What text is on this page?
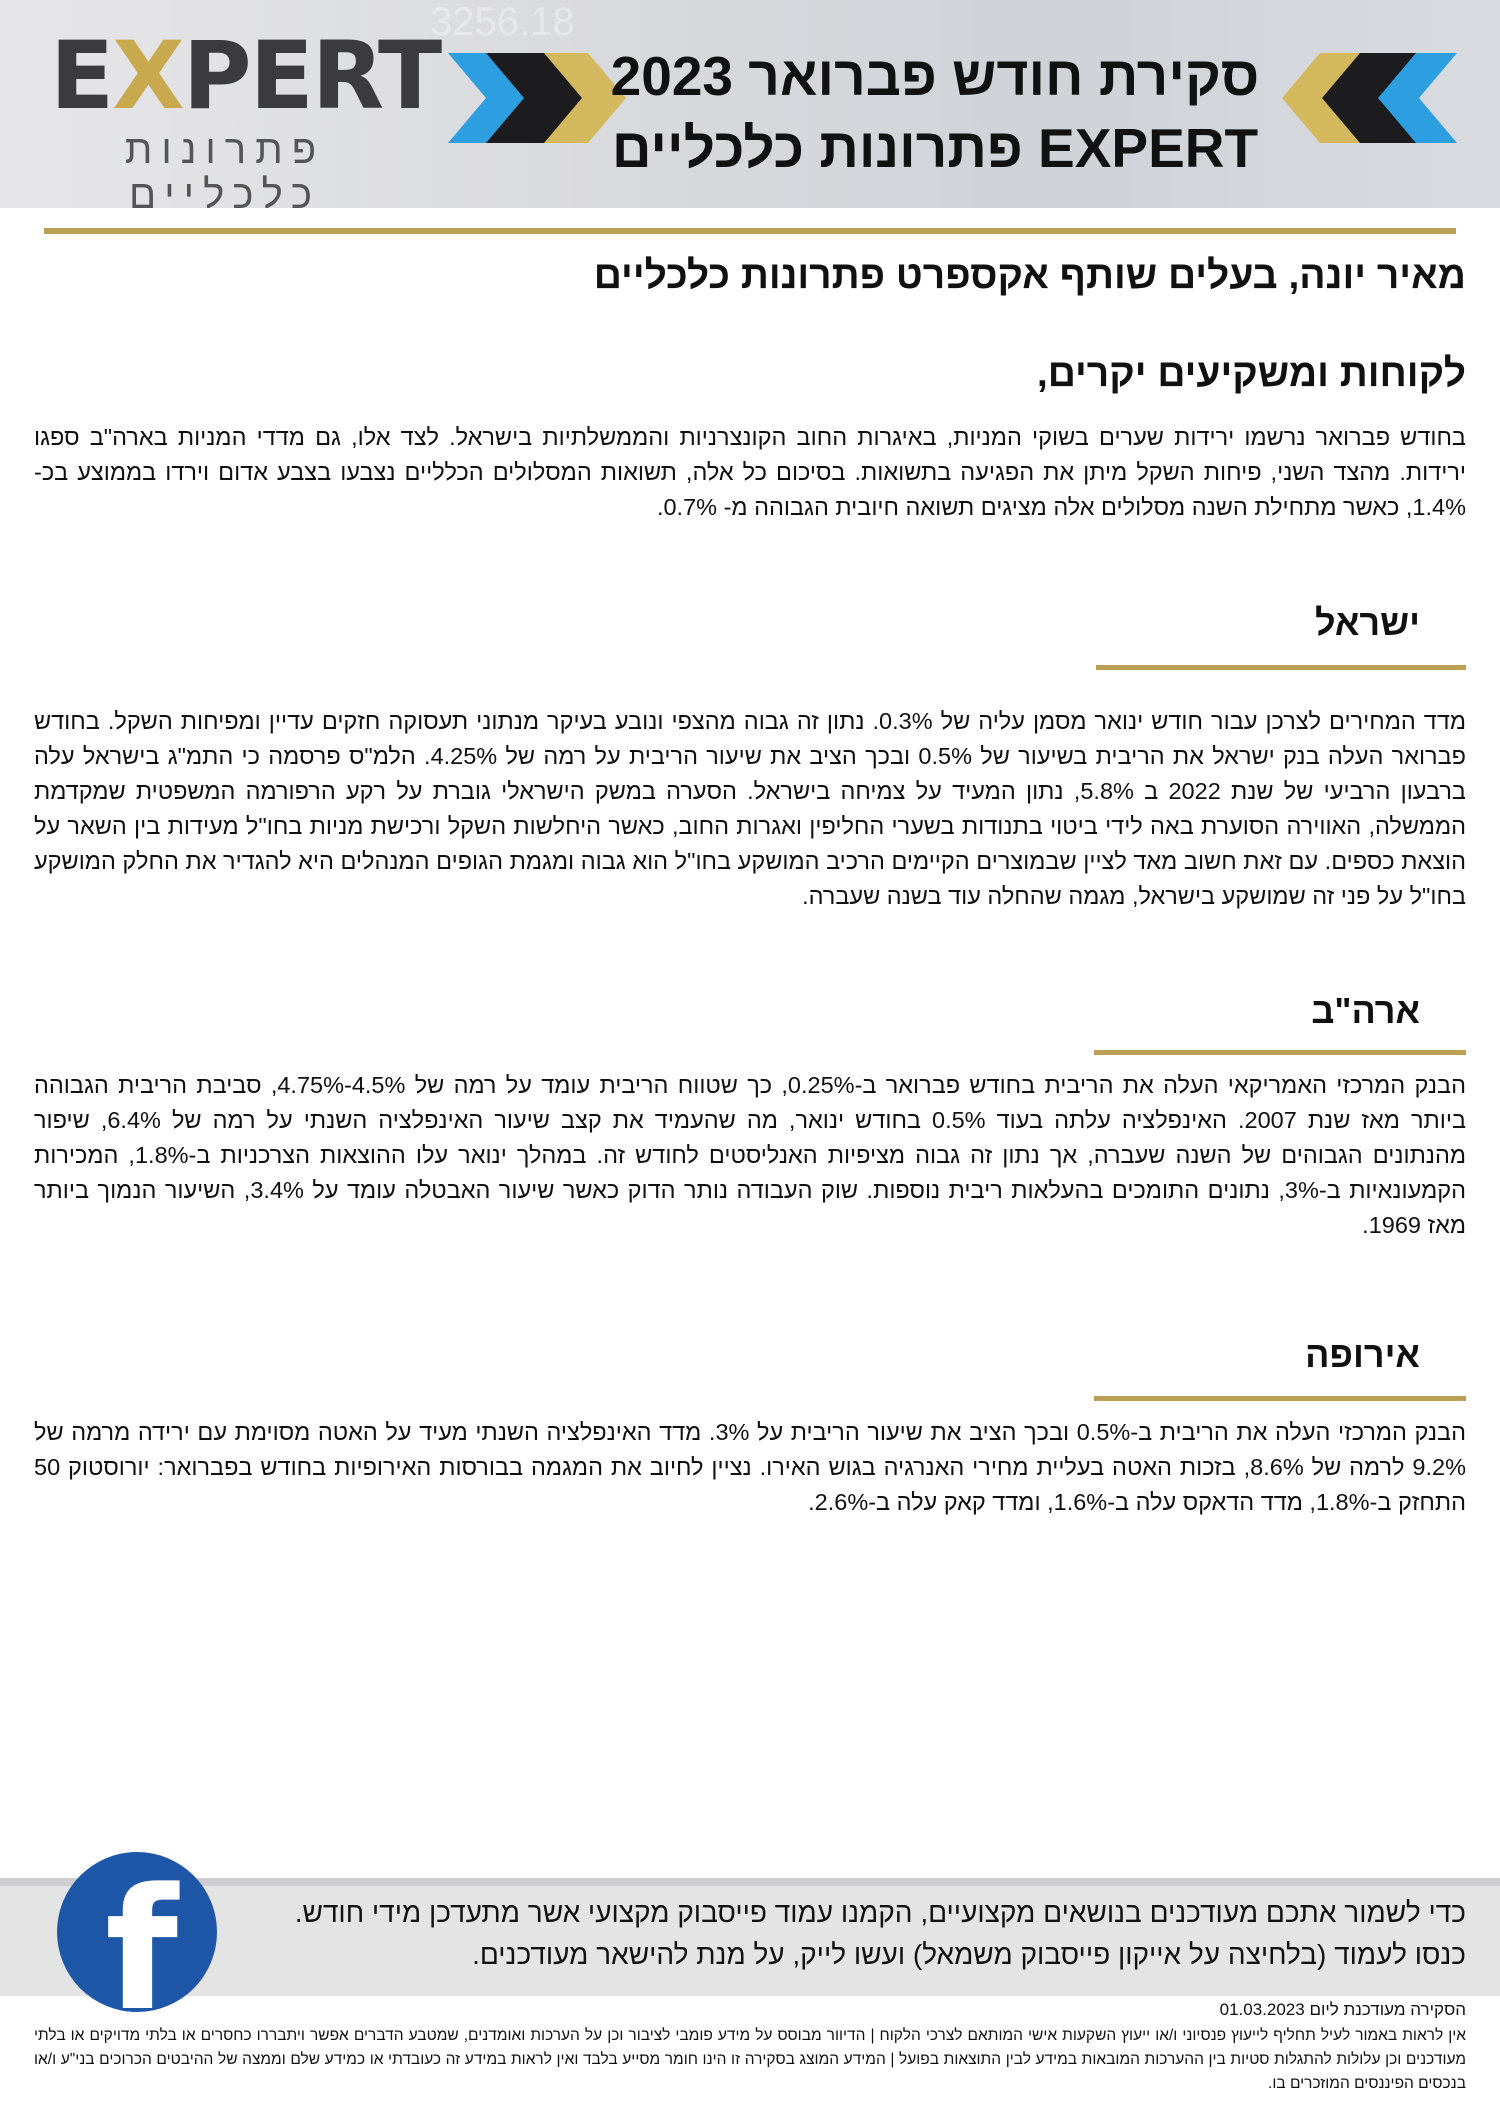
3256.18
EXPERT
פתרונות כלכליים
סקירת חודש פברואר 2023
EXPERT פתרונות כלכליים
מאיר יונה, בעלים שותף אקספרט פתרונות כלכליים
לקוחות ומשקיעים יקרים,
בחודש פברואר נרשמו ירידות שערים בשוקי המניות, באיגרות החוב הקונצרניות והממשלתיות בישראל. לצד אלו, גם מדדי המניות בארה"ב ספגו ירידות. מהצד השני, פיחות השקל מיתן את הפגיעה בתשואות. בסיכום כל אלה, תשואות המסלולים הכלליים נצבעו בצבע אדום וירדו בממוצע בכ- 1.4%, כאשר מתחילת השנה מסלולים אלה מציגים תשואה חיובית הגבוהה מ- 0.7%.
ישראל
מדד המחירים לצרכן עבור חודש ינואר מסמן עליה של 0.3%. נתון זה גבוה מהצפי ונובע בעיקר מנתוני תעסוקה חזקים עדיין ומפיחות השקל. בחודש פברואר העלה בנק ישראל את הריבית בשיעור של 0.5% ובכך הציב את שיעור הריבית על רמה של 4.25%. הלמ"ס פרסמה כי התמ"ג בישראל עלה ברבעון הרביעי של שנת 2022 ב 5.8%, נתון המעיד על צמיחה בישראל. הסערה במשק הישראלי גוברת על רקע הרפורמה המשפטית שמקדמת הממשלה, האווירה הסוערת באה לידי ביטוי בתנודות בשערי החליפין ואגרות החוב, כאשר היחלשות השקל ורכישת מניות בחו"ל מעידות בין השאר על הוצאת כספים. עם זאת חשוב מאד לציין שבמוצרים הקיימים הרכיב המושקע בחו"ל הוא גבוה ומגמת הגופים המנהלים היא להגדיר את החלק המושקע בחו"ל על פני זה שמושקע בישראל, מגמה שהחלה עוד בשנה שעברה.
ארה"ב
הבנק המרכזי האמריקאי העלה את הריבית בחודש פברואר ב-0.25%, כך שטווח הריבית עומד על רמה של 4.5%-4.75%, סביבת הריבית הגבוהה ביותר מאז שנת 2007. האינפלציה עלתה בעוד 0.5% בחודש ינואר, מה שהעמיד את קצב שיעור האינפלציה השנתי על רמה של 6.4%, שיפור מהנתונים הגבוהים של השנה שעברה, אך נתון זה גבוה מציפיות האנליסטים לחודש זה. במהלך ינואר עלו ההוצאות הצרכניות ב-1.8%, המכירות הקמעונאיות ב-3%, נתונים התומכים בהעלאות ריבית נוספות. שוק העבודה נותר הדוק כאשר שיעור האבטלה עומד על 3.4%, השיעור הנמוך ביותר מאז 1969.
אירופה
הבנק המרכזי העלה את הריבית ב-0.5% ובכך הציב את שיעור הריבית על 3%. מדד האינפלציה השנתי מעיד על האטה מסוימת עם ירידה מרמה של 9.2% לרמה של 8.6%, בזכות האטה בעליית מחירי האנרגיה בגוש האירו. נציין לחיוב את המגמה בבורסות האירופיות בחודש בפברואר: יורוסטוק 50 התחזק ב-1.8%, מדד הדאקס עלה ב-1.6%, ומדד קאק עלה ב-2.6%.
f	כדי לשמור אתכם מעודכנים בנושאים מקצועיים, הקמנו עמוד פייסבוק מקצועי אשר מתעדכן מידי חודש.
כנסו לעמוד (בלחיצה על אייקון פייסבוק משמאל) ועשו לייק, על מנת להישאר מעודכנים.
הסקירה מעודכנת ליום 01.03.2023
אין לראות באמור לעיל תחליף לייעוץ פנסיוני ו/או ייעוץ השקעות אישי המותאם לצרכי הלקוח | הדיוור מבוסס על מידע פומבי לציבור וכן על הערכות ואומדנים, שמטבע הדברים אפשר ויתבררו כחסרים או בלתי מדויקים או בלתי מעודכנים וכן עלולות להתגלות סטיות בין ההערכות המובאות במידע לבין התוצאות בפועל | המידע המוצג בסקירה זו הינו חומר מסייע בלבד ואין לראות במידע זה כעובדתי או כמידע שלם וממצה של ההיבטים הכרוכים בני"ע ו/או בנכסים הפיננסים המוזכרים בו.
